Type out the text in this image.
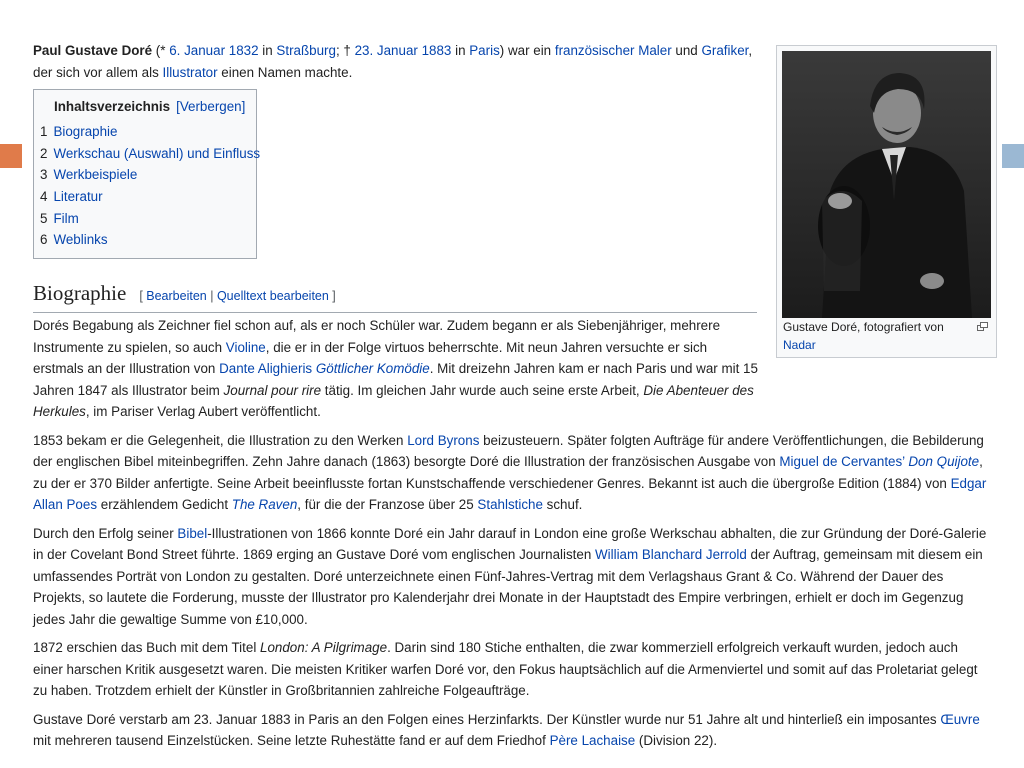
Paul Gustave Doré (* 6. Januar 1832 in Straßburg; † 23. Januar 1883 in Paris) war ein französischer Maler und Grafiker,
der sich vor allem als Illustrator einen Namen machte.

Inhaltsverzeichnis [Verbergen]
1 Biographie
2 Werkschau (Auswahl) und Einfluss
3 Werkbeispiele
4 Literatur
5 Film
6 Weblinks
Gustave Doré, fotografiert von
Nadar
Biographie [ Bearbeiten | Quelltext bearbeiten ]

Dorés Begabung als Zeichner fiel schon auf, als er noch Schüler war. Zudem begann er als Siebenjähriger, mehrere Instrumente zu spielen, so auch Violine, die er in der Folge virtuos beherrschte. Mit neun Jahren versuchte er sich erstmals an der Illustration von Dante Alighieris Göttlicher Komödie. Mit dreizehn Jahren kam er nach Paris und war mit 15 Jahren 1847 als Illustrator beim Journal pour rire tätig. Im gleichen Jahr wurde auch seine erste Arbeit, Die Abenteuer des Herkules, im Pariser Verlag Aubert veröffentlicht.

1853 bekam er die Gelegenheit, die Illustration zu den Werken Lord Byrons beizusteuern. Später folgten Aufträge für andere Veröffentlichungen, die Bebilderung der englischen Bibel miteinbegriffen. Zehn Jahre danach (1863) besorgte Doré die Illustration der französischen Ausgabe von Miguel de Cervantes’ Don Quijote, zu der er 370 Bilder anfertigte. Seine Arbeit beeinflusste fortan Kunstschaffende verschiedener Genres. Bekannt ist auch die übergroße Edition (1884) von Edgar Allan Poes erzählendem Gedicht The Raven, für die der Franzose über 25 Stahlstiche schuf.

Durch den Erfolg seiner Bibel-Illustrationen von 1866 konnte Doré ein Jahr darauf in London eine große Werkschau abhalten, die zur Gründung der Doré-Galerie in der Covelant Bond Street führte. 1869 erging an Gustave Doré vom englischen Journalisten William Blanchard Jerrold der Auftrag, gemeinsam mit diesem ein umfassendes Porträt von London zu gestalten. Doré unterzeichnete einen Fünf-Jahres-Vertrag mit dem Verlagshaus Grant & Co. Während der Dauer des Projekts, so lautete die Forderung, musste der Illustrator pro Kalenderjahr drei Monate in der Hauptstadt des Empire verbringen, erhielt er doch im Gegenzug jedes Jahr die gewaltige Summe von £10,000.

1872 erschien das Buch mit dem Titel London: A Pilgrimage. Darin sind 180 Stiche enthalten, die zwar kommerziell erfolgreich verkauft wurden, jedoch auch einer harschen Kritik ausgesetzt waren. Die meisten Kritiker warfen Doré vor, den Fokus hauptsächlich auf die Armenviertel und somit auf das Proletariat gelegt zu haben. Trotzdem erhielt der Künstler in Großbritannien zahlreiche Folgeaufträge.

Gustave Doré verstarb am 23. Januar 1883 in Paris an den Folgen eines Herzinfarkts. Der Künstler wurde nur 51 Jahre alt und hinterließ ein imposantes Œuvre mit mehreren tausend Einzelstücken. Seine letzte Ruhestätte fand er auf dem Friedhof Père Lachaise (Division 22).
